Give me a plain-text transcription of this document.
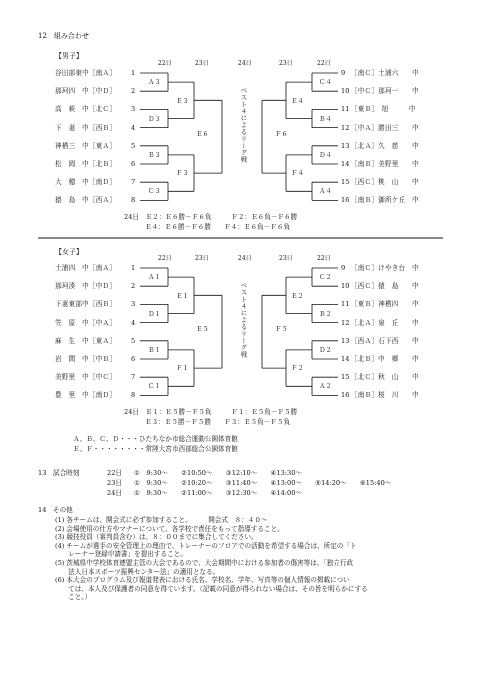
12　組み合わせ
【男子】
22日	23日	24日	23日	22日
谷田部東中［南Ａ］ 1
那珂四　中［中Ｄ］ 2
高　萩　中［北Ｃ］ 3
下　妻　中［西Ｂ］ 4
神栖三　中［東Ａ］ 5
松　岡　中［北Ｂ］ 6
大　穂　中［南Ｄ］ 7
猿　島　中［西Ａ］ 8
9 ［南Ｃ］土浦六　　中
10 ［中Ｃ］那珂一　　中
11 ［東Ｂ］　旭　　　中
12 ［中Ａ］勝田三　　中
13 ［北Ａ］久　慈　　中
14 ［南Ｂ］美野里　　中
15 ［西Ｃ］桃　山　　中
16 ［南Ｂ］御所ケ丘　中
Ａ３
Ｄ３
Ｂ３
Ｃ３
Ｅ３
Ｆ３
Ｅ６
Ｃ４
Ｂ４
Ｄ４
Ａ４
Ｅ４
Ｆ４
Ｆ６
ベスト４によるリーグ戦
24日　Ｅ２：Ｅ６勝－Ｆ６負　　　Ｆ２：Ｅ６負－Ｆ６勝
Ｅ４：Ｅ６勝－Ｆ６勝　　Ｆ４：Ｅ６負－Ｆ６負
【女子】
22日	23日	24日	23日	22日
土浦四　中［南Ａ］ 1
那珂湊　中［中Ｄ］ 2
下妻東部中［西Ｂ］ 3
笠　原　中［中Ａ］ 4
麻　生　中［東Ａ］ 5
岩　間　中［中Ｂ］ 6
美野里　中［中Ｃ］ 7
豊　里　中［南Ｄ］ 8
9 ［南Ｃ］けやき台　中
10 ［西Ｃ］猿　島　　中
11 ［東Ｂ］神栖四　　中
12 ［北Ａ］泉　丘　　中
13 ［西Ａ］石下西　　中
14 ［北Ｂ］中　郷　　中
15 ［北Ｃ］秋　山　　中
16 ［南Ｂ］桜　川　　中
Ａ１
Ｄ１
Ｂ１
Ｃ１
Ｅ１
Ｆ１
Ｅ５
Ｃ２
Ｂ２
Ｄ２
Ａ２
Ｅ２
Ｆ２
Ｆ５
ベスト４によるリーグ戦
24日　Ｅ１：Ｅ５勝－Ｆ５負　　　Ｆ１：Ｅ５負－Ｆ５勝
Ｅ３：Ｅ５勝－Ｆ５勝　　Ｆ３：Ｅ５負－Ｆ５負
Ａ、Ｂ、Ｃ、Ｄ・・・ひたちなか市総合運動公園体育館
Ｅ、Ｆ・・・・・・・・常陸大宮市西部総合公園体育館
13　試合時刻	22日 ①　9:30～　　②10:50～　　③12:10～　　④13:30～
23日 ①　9:30～　　②10:20～　　③11:40～　　④13:00～　　⑤14:20～　　⑥15:40～
24日 ①　9:30～　　②11:00～　　③12:30～　　④14:00～
14　その他
(1) 各チームは、開会式に必ず参加すること。　　　開会式　８：４０～
(2) 会場使用の仕方やマナーについて、各学校で責任をもって指導すること。
(3) 競技役員（審判員含む）は、８：００までに集合してください。
(4) チームが選手の安全管理上の理由で、トレーナーのフロアでの活動を希望する場合は、所定の「ト
　　レーナー登録申請書」を提出すること。
(5) 茨城県中学校体育連盟主管の大会であるので、大会期間中における参加者の傷害等は、「独立行政
　　法人日本スポーツ振興センター法」の適用となる。
(6) 本大会のプログラム及び報道発表における氏名、学校名、学年、写真等の個人情報の掲載につい
　　ては、本人及び保護者の同意を得ています。（記載の同意が得られない場合は、その旨を明らかにする
　　こと。）
